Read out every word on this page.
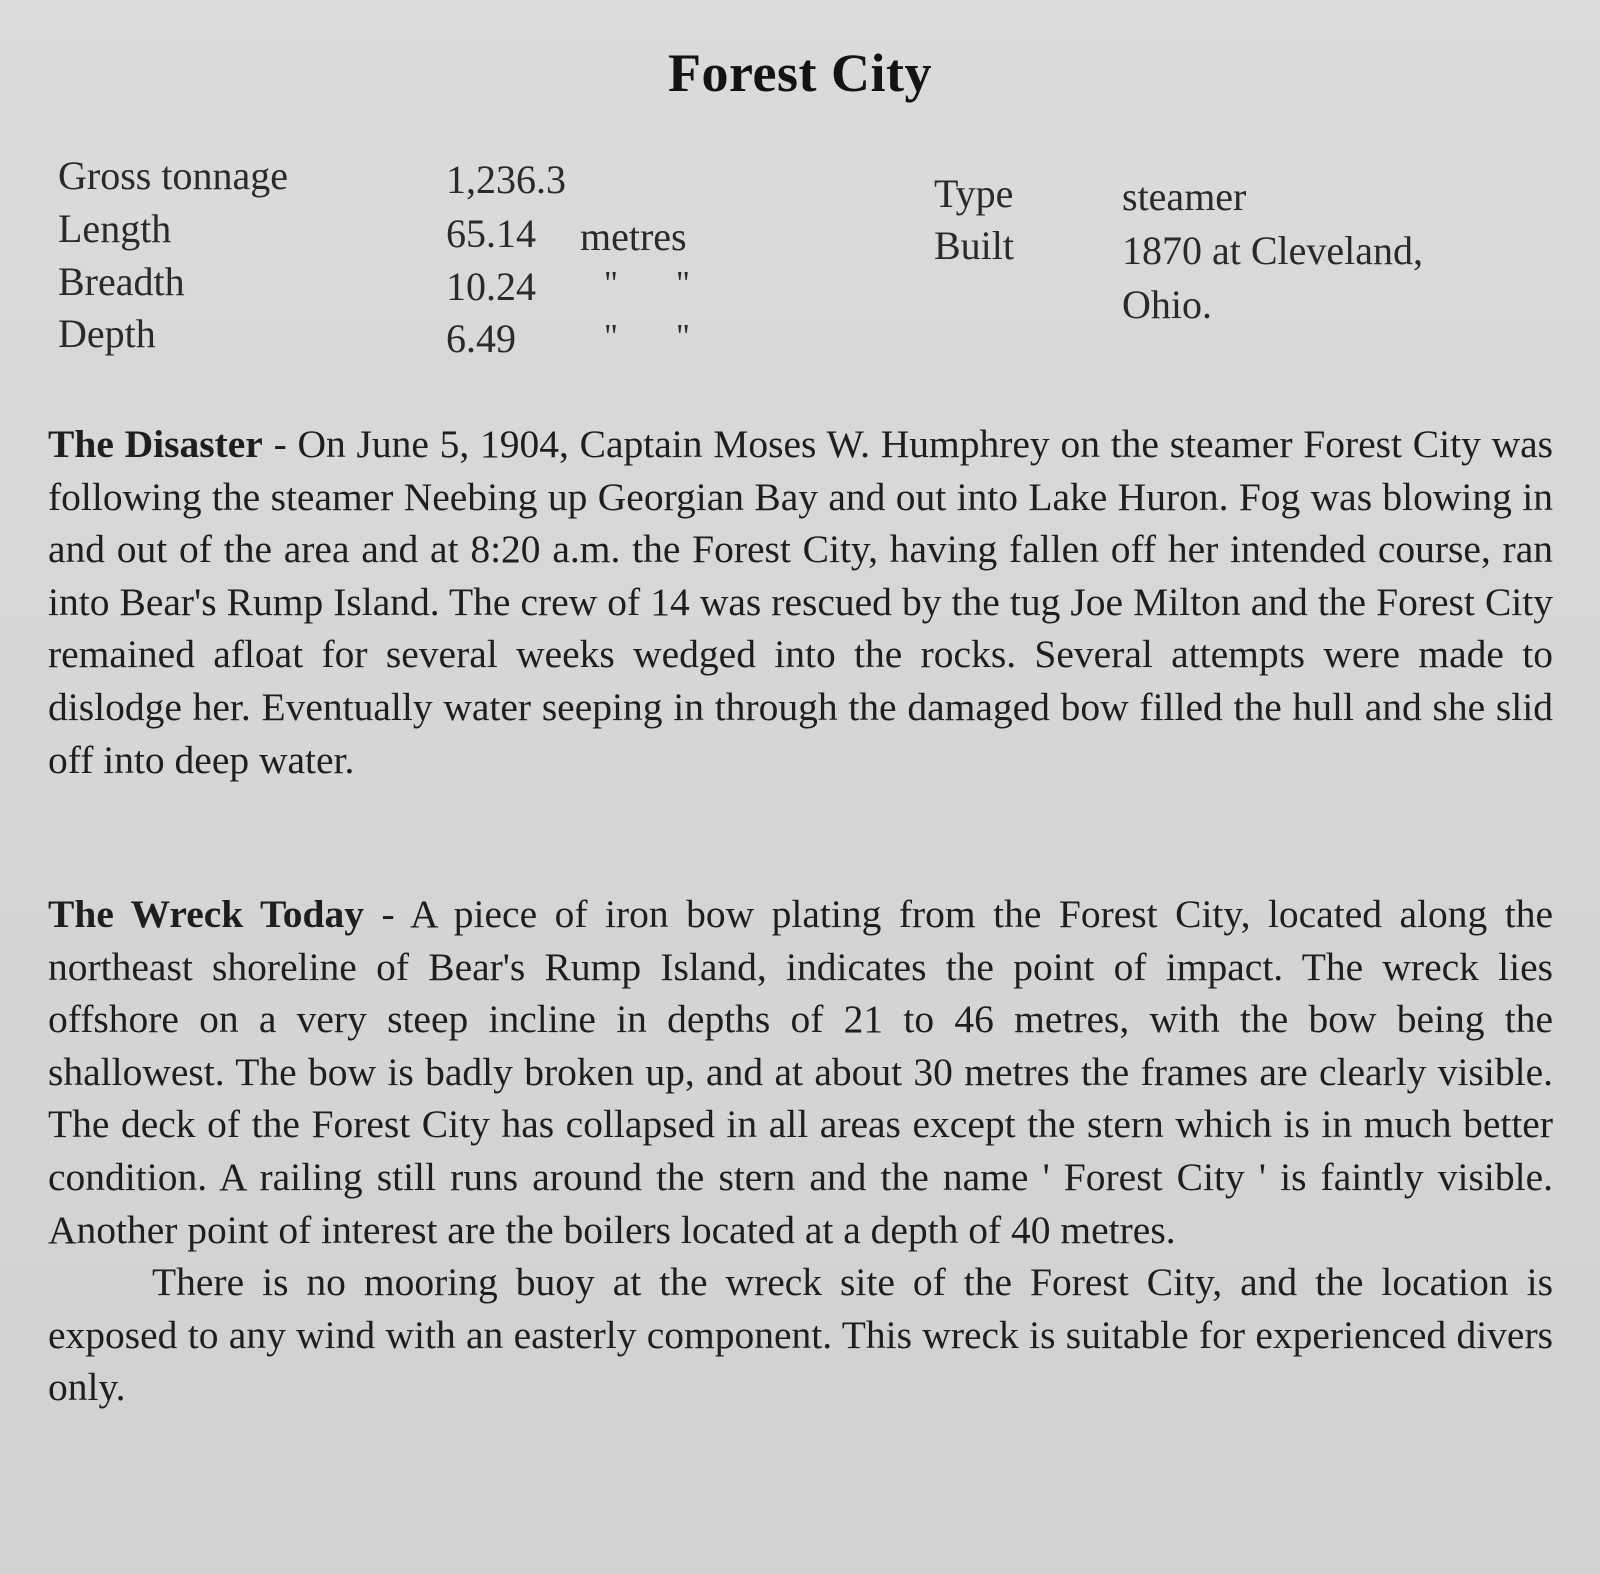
Forest City
Gross tonnage	1,236.3
Length	65.14 metres
Breadth	10.24 " "
Depth	6.49	" "
Type	steamer
Built	1870 at Cleveland, Ohio.
The Disaster - On June 5, 1904, Captain Moses W. Humphrey on the steamer Forest City was following the steamer Neebing up Georgian Bay and out into Lake Huron. Fog was blowing in and out of the area and at 8:20 a.m. the Forest City, having fallen off her intended course, ran into Bear's Rump Island. The crew of 14 was rescued by the tug Joe Milton and the Forest City remained afloat for several weeks wedged into the rocks. Several attempts were made to dislodge her. Eventually water seeping in through the damaged bow filled the hull and she slid off into deep water.
The Wreck Today - A piece of iron bow plating from the Forest City, located along the northeast shoreline of Bear's Rump Island, indicates the point of impact. The wreck lies offshore on a very steep incline in depths of 21 to 46 metres, with the bow being the shallowest. The bow is badly broken up, and at about 30 metres the frames are clearly visible. The deck of the Forest City has collapsed in all areas except the stern which is in much better condition. A railing still runs around the stern and the name ' Forest City ' is faintly visible. Another point of interest are the boilers located at a depth of 40 metres.
There is no mooring buoy at the wreck site of the Forest City, and the location is exposed to any wind with an easterly component. This wreck is suitable for experienced divers only.
